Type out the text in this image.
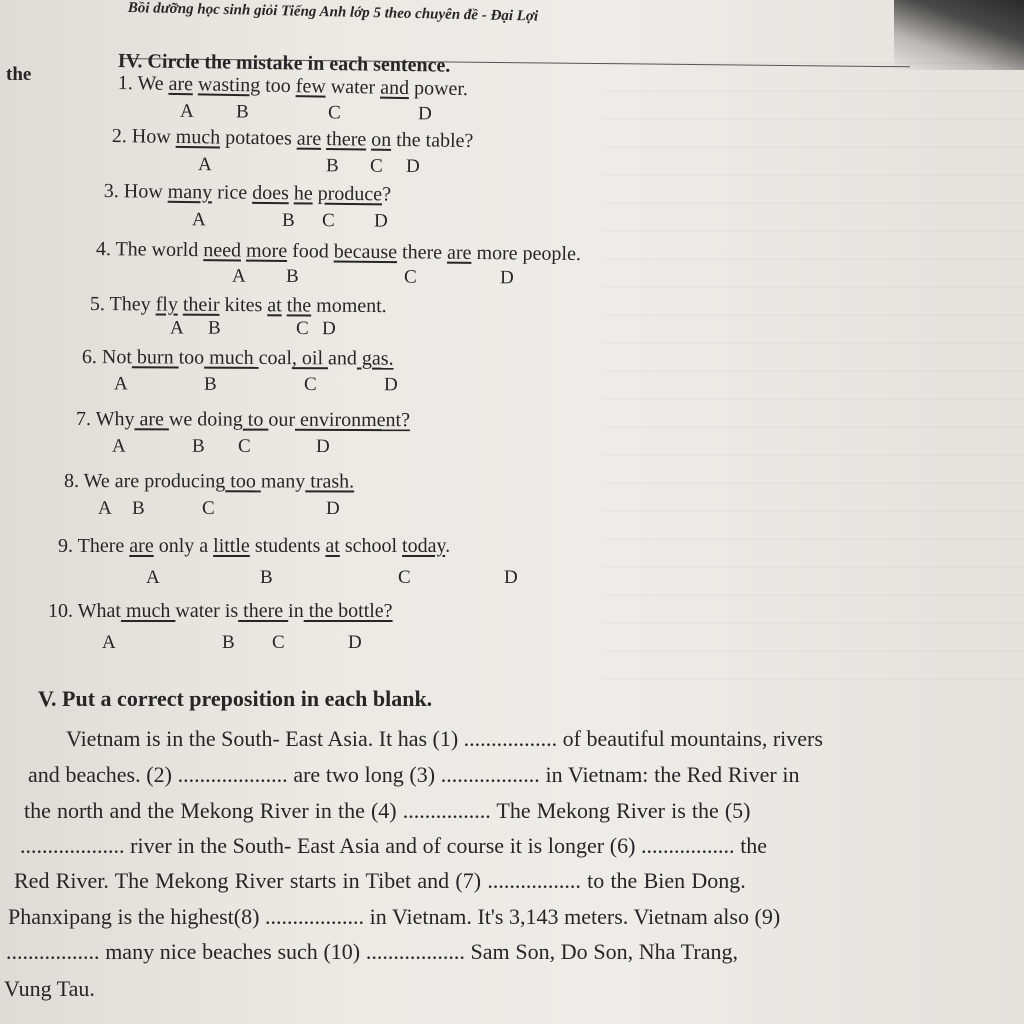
Bồi dưỡng học sinh giỏi Tiếng Anh lớp 5 theo chuyên đề - Đại Lợi
the	IV. Circle the mistake in each sentence.
1. We are wasting too few water and power.
A B	C	D
2. How much potatoes are there on the table?
A	B C D
3. How many rice does he produce?
A	B C D
4. The world need more food because there are more people.
A B	C	D
5. They fly their kites at the moment.
A B	C D
6. Not burn too much coal, oil and gas.
A	B	C	D
7. Why are we doing to our environment?
A	B C	D
8. We are producing too many trash.
A B	C	D
9. There are only a little students at school today.
A	B	C	D
10. What much water is there in the bottle?
A	B C	D
V. Put a correct preposition in each blank.
Vietnam is in the South- East Asia. It has (1) ................. of beautiful mountains, rivers
and beaches. (2) .................... are two long (3) .................. in Vietnam: the Red River in
the north and the Mekong River in the (4) ................ The Mekong River is the (5)
................... river in the South- East Asia and of course it is longer (6) ................. the
Red River. The Mekong River starts in Tibet and (7) ................. to the Bien Dong.
Phanxipang is the highest(8) .................. in Vietnam. It's 3,143 meters. Vietnam also (9)
................. many nice beaches such (10) .................. Sam Son, Do Son, Nha Trang,
Vung Tau.
